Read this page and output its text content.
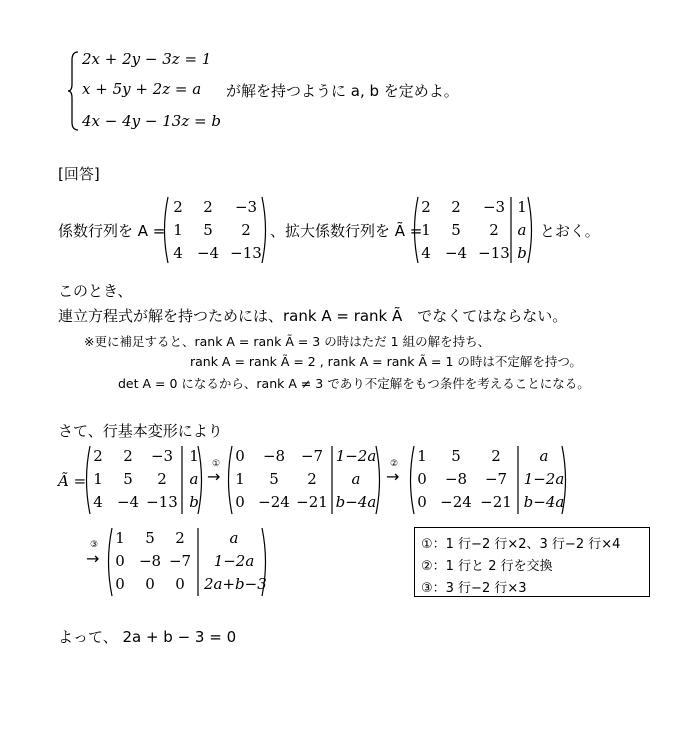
2x + 2y − 3z = 1
x + 5y + 2z = a
4x − 4y − 13z = b
が解を持つように a, b を定めよ。
[回答]
係数行列を A =
2	2	−3
1	5	2
4 −4 −13
、拡大係数行列を Ã =
2	2	−3 1
1	5	2	a
4 −4 −13 b
とおく。
このとき、
連立方程式が解を持つためには、rank A = rank Ã　でなくてはならない。
※更に補足すると、rank A = rank Ã = 3 の時はただ 1 組の解を持ち、
rank A = rank Ã = 2 , rank A = rank Ã = 1 の時は不定解を持つ。
det A = 0 になるから、rank A ≠ 3 であり不定解をもつ条件を考えることになる。
さて、行基本変形により
Ã =
2	2	−3	1
1	5	2	a
4 −4 −13 b
①
→
0	−8	−7 1−2a
1	5	2	a
0 −24 −21 b−4a
②
→
1	5	2	a
0	−8	−7	1−2a
0 −24 −21 b−4a
③
→
1	5	2	a
0 −8 −7	1−2a
0	0	0	2a+b−3
①：1 行−2 行×2、3 行−2 行×4
②：1 行と 2 行を交換
③：3 行−2 行×3
よって、 2a + b − 3 = 0
